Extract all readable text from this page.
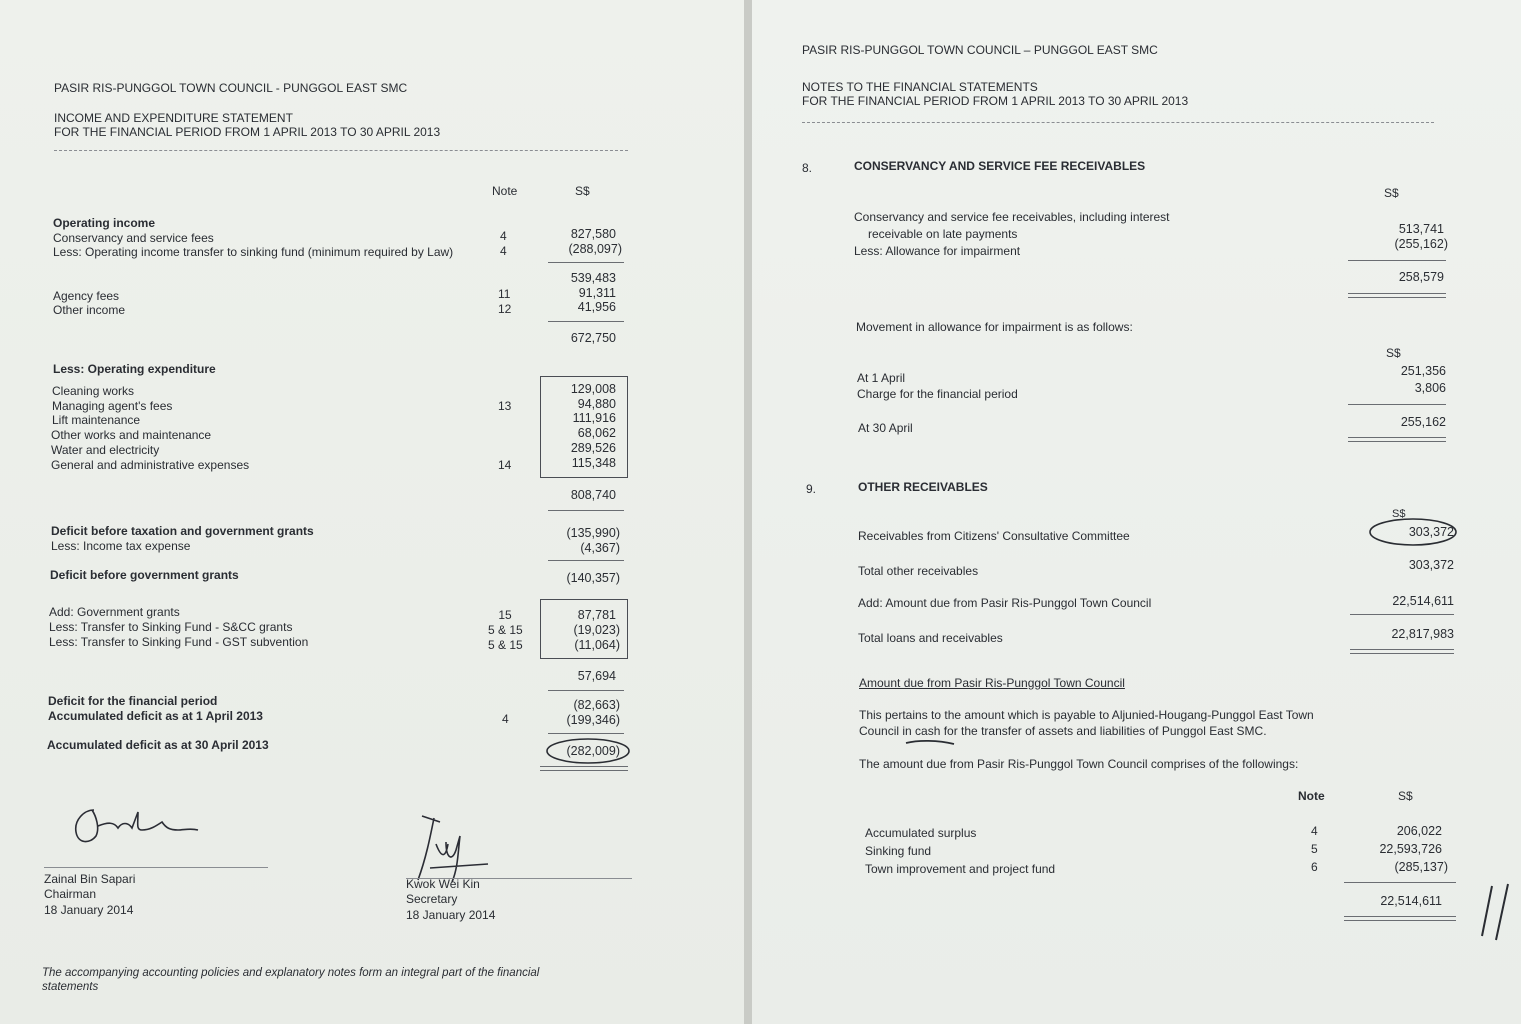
PASIR RIS-PUNGGOL TOWN COUNCIL - PUNGGOL EAST SMC
INCOME AND EXPENDITURE STATEMENT
FOR THE FINANCIAL PERIOD FROM 1 APRIL 2013 TO 30 APRIL 2013
Note	S$
Operating income
Conservancy and service fees	4	827,580
Less: Operating income transfer to sinking fund (minimum required by Law)	4	(288,097)
539,483
Agency fees	11	91,311
Other income	12	41,956
672,750
Less: Operating expenditure
Cleaning works	129,008
Managing agent's fees	13	94,880
Lift maintenance	111,916
Other works and maintenance	68,062
Water and electricity	289,526
General and administrative expenses	14	115,348
808,740
Deficit before taxation and government grants	(135,990)
Less: Income tax expense	(4,367)
Deficit before government grants	(140,357)
Add: Government grants	15	87,781
Less: Transfer to Sinking Fund - S&CC grants	5 & 15	(19,023)
Less: Transfer to Sinking Fund - GST subvention	5 & 15	(11,064)
57,694
Deficit for the financial period	(82,663)
Accumulated deficit as at 1 April 2013	4	(199,346)
Accumulated deficit as at 30 April 2013	(282,009)
Zainal Bin Sapari
Chairman
18 January 2014
Kwok Wei Kin
Secretary
18 January 2014
The accompanying accounting policies and explanatory notes form an integral part of the financial
statements
PASIR RIS-PUNGGOL TOWN COUNCIL – PUNGGOL EAST SMC
NOTES TO THE FINANCIAL STATEMENTS
FOR THE FINANCIAL PERIOD FROM 1 APRIL 2013 TO 30 APRIL 2013
8.	CONSERVANCY AND SERVICE FEE RECEIVABLES
S$
Conservancy and service fee receivables, including interest
receivable on late payments	513,741
Less: Allowance for impairment	(255,162)
258,579
Movement in allowance for impairment is as follows:
S$
At 1 April	251,356
Charge for the financial period	3,806
At 30 April	255,162
9.	OTHER RECEIVABLES
S$
Receivables from Citizens' Consultative Committee	303,372
Total other receivables	303,372
Add: Amount due from Pasir Ris-Punggol Town Council	22,514,611
Total loans and receivables	22,817,983
Amount due from Pasir Ris-Punggol Town Council
This pertains to the amount which is payable to Aljunied-Hougang-Punggol East Town
Council in cash for the transfer of assets and liabilities of Punggol East SMC.
The amount due from Pasir Ris-Punggol Town Council comprises of the followings:
Note	S$
Accumulated surplus	4	206,022
Sinking fund	5	22,593,726
Town improvement and project fund	6	(285,137)
22,514,611
